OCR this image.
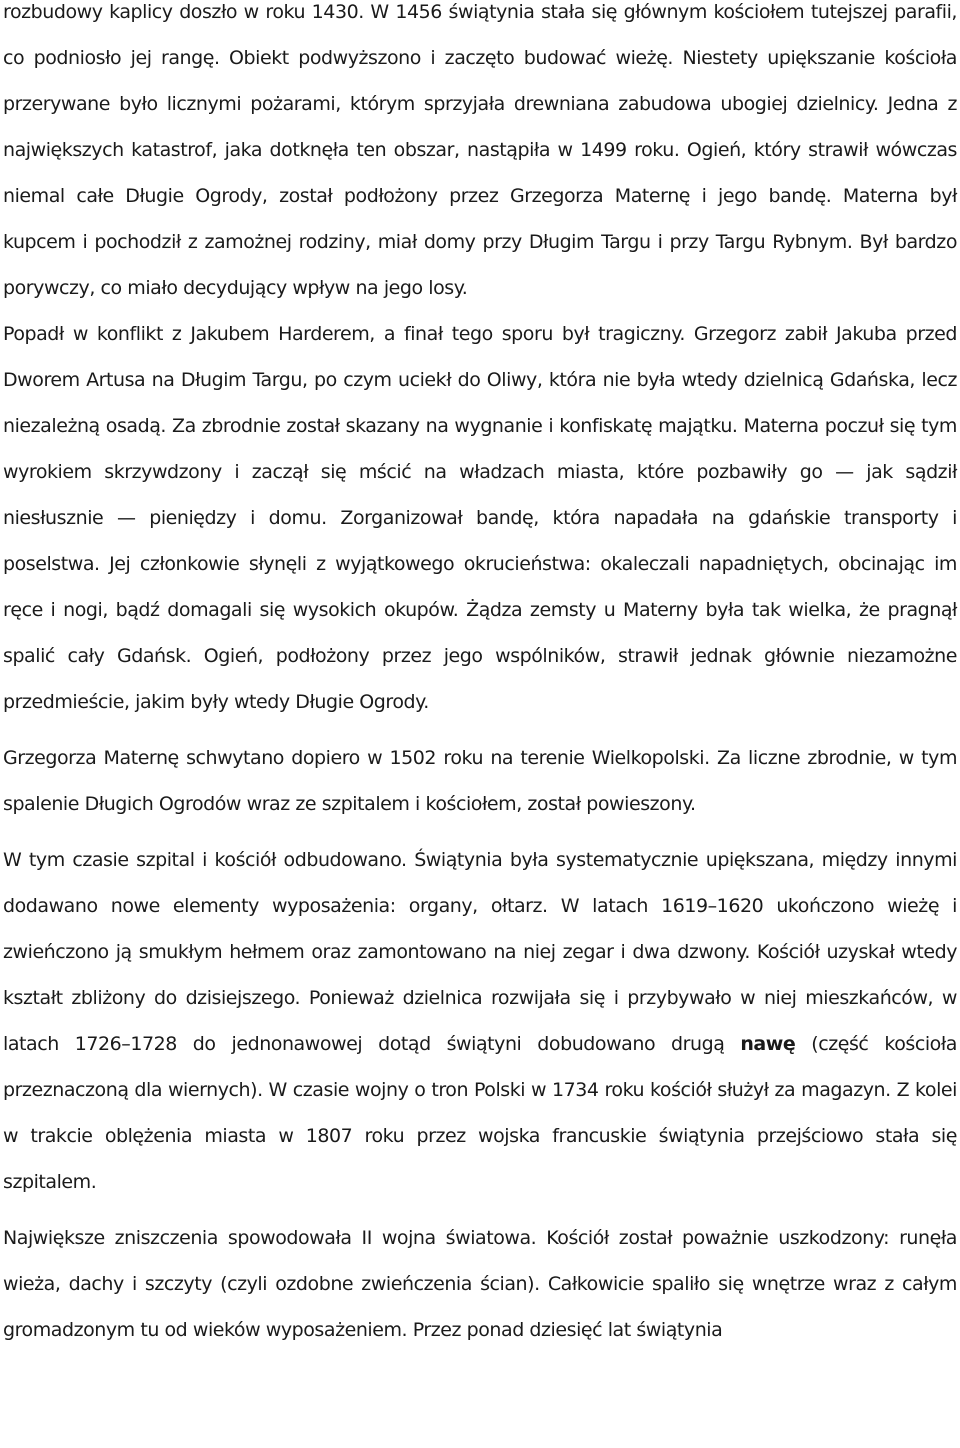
rozbudowy kaplicy doszło w roku 1430. W 1456 świątynia stała się głównym kościołem tutejszej parafii, co podniosło jej rangę. Obiekt podwyższono i zaczęto budować wieżę. Niestety upiększanie kościoła przerywane było licznymi pożarami, którym sprzyjała drewniana zabudowa ubogiej dzielnicy. Jedna z największych katastrof, jaka dotknęła ten obszar, nastąpiła w 1499 roku. Ogień, który strawił wówczas niemal całe Długie Ogrody, został podłożony przez Grzegorza Maternę i jego bandę. Materna był kupcem i pochodził z zamożnej rodziny, miał domy przy Długim Targu i przy Targu Rybnym. Był bardzo porywczy, co miało decydujący wpływ na jego losy.

Popadł w konflikt z Jakubem Harderem, a finał tego sporu był tragiczny. Grzegorz zabił Jakuba przed Dworem Artusa na Długim Targu, po czym uciekł do Oliwy, która nie była wtedy dzielnicą Gdańska, lecz niezależną osadą. Za zbrodnie został skazany na wygnanie i konfiskatę majątku. Materna poczuł się tym wyrokiem skrzywdzony i zaczął się mścić na władzach miasta, które pozbawiły go — jak sądził niesłusznie — pieniędzy i domu. Zorganizował bandę, która napadała na gdańskie transporty i poselstwa. Jej członkowie słynęli z wyjątkowego okrucieństwa: okaleczali napadniętych, obcinając im ręce i nogi, bądź domagali się wysokich okupów. Żądza zemsty u Materny była tak wielka, że pragnął spalić cały Gdańsk. Ogień, podłożony przez jego wspólników, strawił jednak głównie niezamożne przedmieście, jakim były wtedy Długie Ogrody.

Grzegorza Maternę schwytano dopiero w 1502 roku na terenie Wielkopolski. Za liczne zbrodnie, w tym spalenie Długich Ogrodów wraz ze szpitalem i kościołem, został powieszony.

W tym czasie szpital i kościół odbudowano. Świątynia była systematycznie upiększana, między innymi dodawano nowe elementy wyposażenia: organy, ołtarz. W latach 1619–1620 ukończono wieżę i zwieńczono ją smukłym hełmem oraz zamontowano na niej zegar i dwa dzwony. Kościół uzyskał wtedy kształt zbliżony do dzisiejszego. Ponieważ dzielnica rozwijała się i przybywało w niej mieszkańców, w latach 1726–1728 do jednonawowej dotąd świątyni dobudowano drugą nawę (część kościoła przeznaczoną dla wiernych). W czasie wojny o tron Polski w 1734 roku kościół służył za magazyn. Z kolei w trakcie oblężenia miasta w 1807 roku przez wojska francuskie świątynia przejściowo stała się szpitalem.

Największe zniszczenia spowodowała II wojna światowa. Kościół został poważnie uszkodzony: runęła wieża, dachy i szczyty (czyli ozdobne zwieńczenia ścian). Całkowicie spaliło się wnętrze wraz z całym gromadzonym tu od wieków wyposażeniem. Przez ponad dziesięć lat świątynia
